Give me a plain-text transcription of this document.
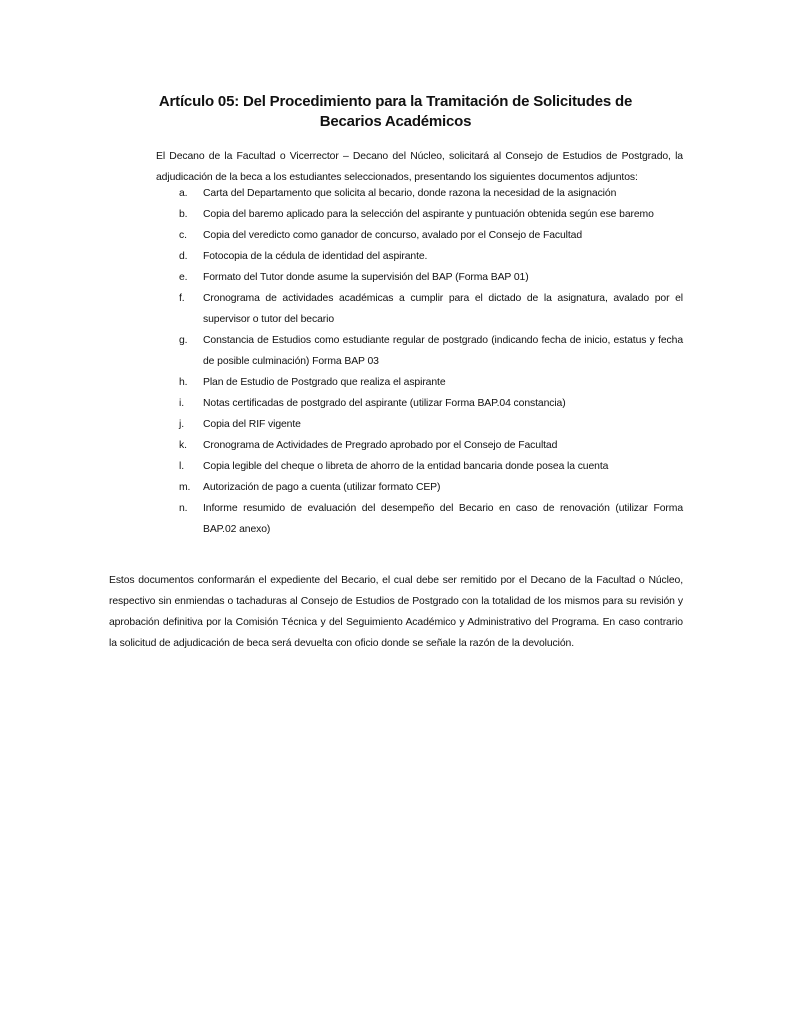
Artículo 05: Del Procedimiento para la Tramitación de Solicitudes de Becarios Académicos
El Decano de la Facultad o Vicerrector – Decano del Núcleo, solicitará al Consejo de Estudios de Postgrado, la adjudicación de la beca a los estudiantes seleccionados, presentando los siguientes documentos adjuntos:
a.	Carta del Departamento que solicita al becario, donde razona la necesidad de la asignación
b.	Copia del baremo aplicado para la selección del aspirante y puntuación obtenida según ese baremo
c.	Copia del veredicto como ganador de concurso, avalado por el Consejo de Facultad
d.	Fotocopia de la cédula de identidad del aspirante.
e.	Formato del Tutor donde asume la supervisión del BAP (Forma BAP 01)
f.	Cronograma de actividades académicas a cumplir para el dictado de la asignatura, avalado por el supervisor o tutor del becario
g.	Constancia de Estudios como estudiante regular de postgrado (indicando fecha de inicio, estatus y fecha de posible culminación) Forma BAP 03
h.	Plan de Estudio de Postgrado que realiza el aspirante
i.	Notas certificadas de postgrado del aspirante (utilizar Forma BAP.04 constancia)
j.	Copia del RIF vigente
k.	Cronograma de Actividades de Pregrado aprobado por el Consejo de Facultad
l.	Copia legible del cheque o libreta de ahorro de la entidad bancaria donde posea la cuenta
m.	Autorización de pago a cuenta (utilizar formato CEP)
n.	Informe resumido de evaluación del desempeño del Becario en caso de renovación (utilizar Forma BAP.02 anexo)
Estos documentos conformarán el expediente del Becario, el cual debe ser remitido por el Decano de la Facultad o Núcleo, respectivo sin enmiendas o tachaduras al Consejo de Estudios de Postgrado con la totalidad de los mismos para su revisión y aprobación definitiva por la Comisión Técnica y del Seguimiento Académico y Administrativo del Programa. En caso contrario la solicitud de adjudicación de beca será devuelta con oficio donde se señale la razón de la devolución.
